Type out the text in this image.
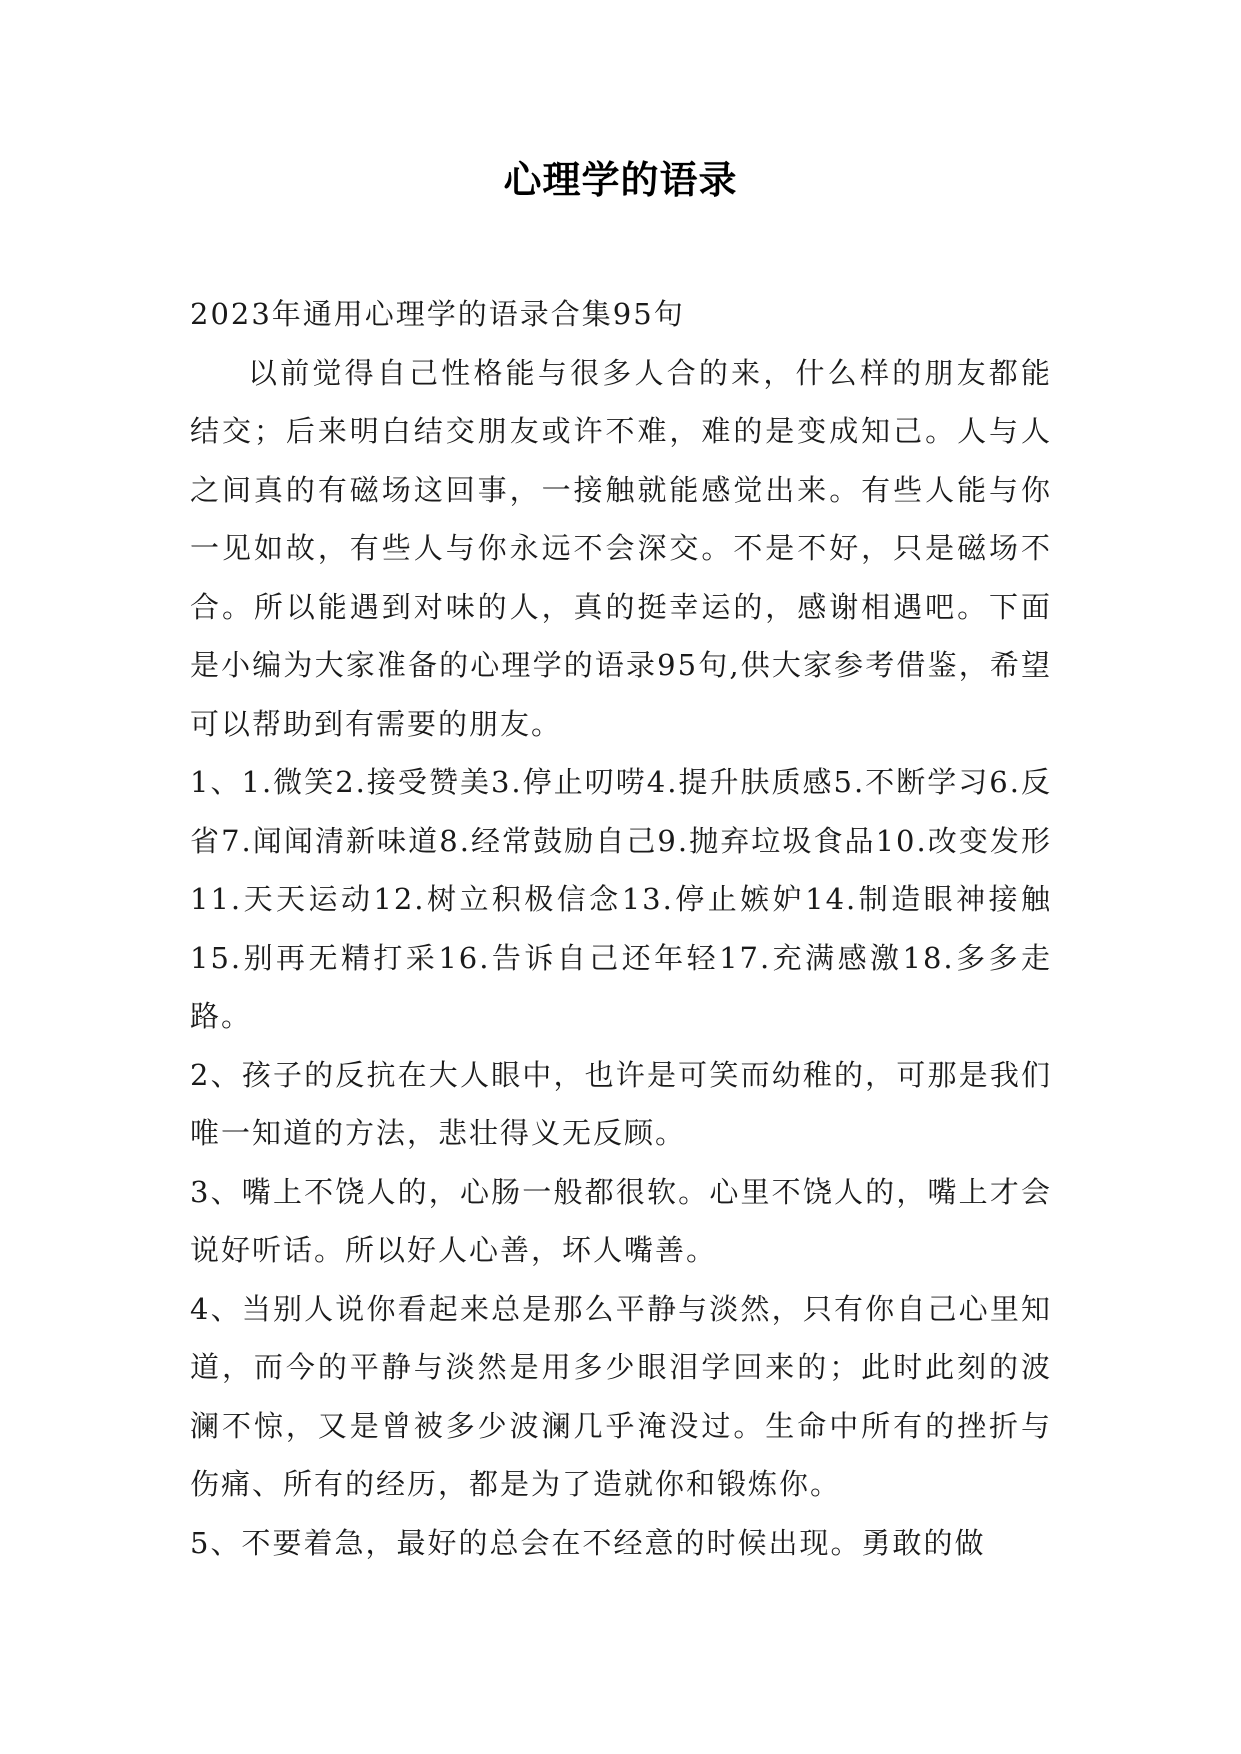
心理学的语录

2023年通用心理学的语录合集95句

以前觉得自己性格能与很多人合的来，什么样的朋友都能结交；后来明白结交朋友或许不难，难的是变成知己。人与人之间真的有磁场这回事，一接触就能感觉出来。有些人能与你一见如故，有些人与你永远不会深交。不是不好，只是磁场不合。所以能遇到对味的人，真的挺幸运的，感谢相遇吧。下面是小编为大家准备的心理学的语录95句,供大家参考借鉴，希望可以帮助到有需要的朋友。

1、1.微笑2.接受赞美3.停止叨唠4.提升肤质感5.不断学习6.反省7.闻闻清新味道8.经常鼓励自己9.抛弃垃圾食品10.改变发形11.天天运动12.树立积极信念13.停止嫉妒14.制造眼神接触15.别再无精打采16.告诉自己还年轻17.充满感激18.多多走路。

2、孩子的反抗在大人眼中，也许是可笑而幼稚的，可那是我们唯一知道的方法，悲壮得义无反顾。

3、嘴上不饶人的，心肠一般都很软。心里不饶人的，嘴上才会说好听话。所以好人心善，坏人嘴善。

4、当别人说你看起来总是那么平静与淡然，只有你自己心里知道，而今的平静与淡然是用多少眼泪学回来的；此时此刻的波澜不惊，又是曾被多少波澜几乎淹没过。生命中所有的挫折与伤痛、所有的经历，都是为了造就你和锻炼你。

5、不要着急，最好的总会在不经意的时候出现。勇敢的做
